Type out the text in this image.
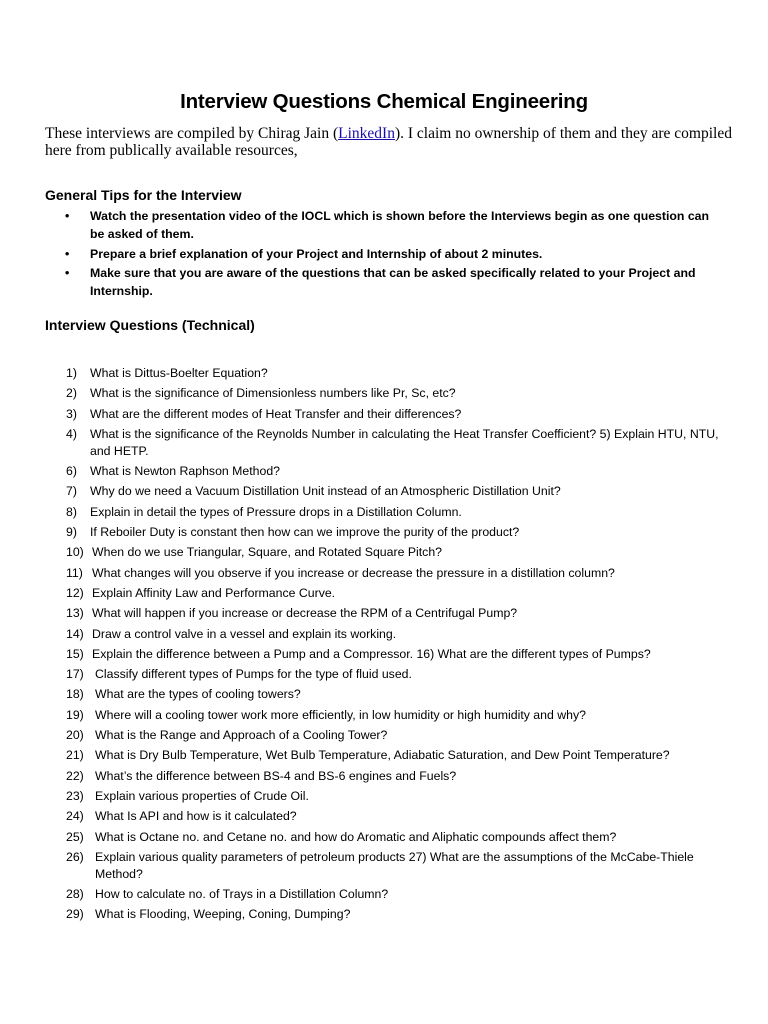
Interview Questions Chemical Engineering
These interviews are compiled by Chirag Jain (LinkedIn). I claim no ownership of them and they are compiled here from publically available resources,
General Tips for the Interview
• Watch the presentation video of the IOCL which is shown before the Interviews begin as one question can be asked of them.
• Prepare a brief explanation of your Project and Internship of about 2 minutes.
• Make sure that you are aware of the questions that can be asked specifically related to your Project and Internship.
Interview Questions (Technical)
1) What is Dittus-Boelter Equation?
2) What is the significance of Dimensionless numbers like Pr, Sc, etc?
3) What are the different modes of Heat Transfer and their differences?
4) What is the significance of the Reynolds Number in calculating the Heat Transfer Coefficient? 5) Explain HTU, NTU, and HETP.
6) What is Newton Raphson Method?
7) Why do we need a Vacuum Distillation Unit instead of an Atmospheric Distillation Unit?
8) Explain in detail the types of Pressure drops in a Distillation Column.
9) If Reboiler Duty is constant then how can we improve the purity of the product?
10) When do we use Triangular, Square, and Rotated Square Pitch?
11) What changes will you observe if you increase or decrease the pressure in a distillation column?
12) Explain Affinity Law and Performance Curve.
13) What will happen if you increase or decrease the RPM of a Centrifugal Pump?
14) Draw a control valve in a vessel and explain its working.
15) Explain the difference between a Pump and a Compressor. 16) What are the different types of Pumps?
17) Classify different types of Pumps for the type of fluid used.
18) What are the types of cooling towers?
19) Where will a cooling tower work more efficiently, in low humidity or high humidity and why?
20) What is the Range and Approach of a Cooling Tower?
21) What is Dry Bulb Temperature, Wet Bulb Temperature, Adiabatic Saturation, and Dew Point Temperature?
22) What’s the difference between BS-4 and BS-6 engines and Fuels?
23) Explain various properties of Crude Oil.
24) What Is API and how is it calculated?
25) What is Octane no. and Cetane no. and how do Aromatic and Aliphatic compounds affect them?
26) Explain various quality parameters of petroleum products 27) What are the assumptions of the McCabe-Thiele Method?
28) How to calculate no. of Trays in a Distillation Column?
29) What is Flooding, Weeping, Coning, Dumping?
